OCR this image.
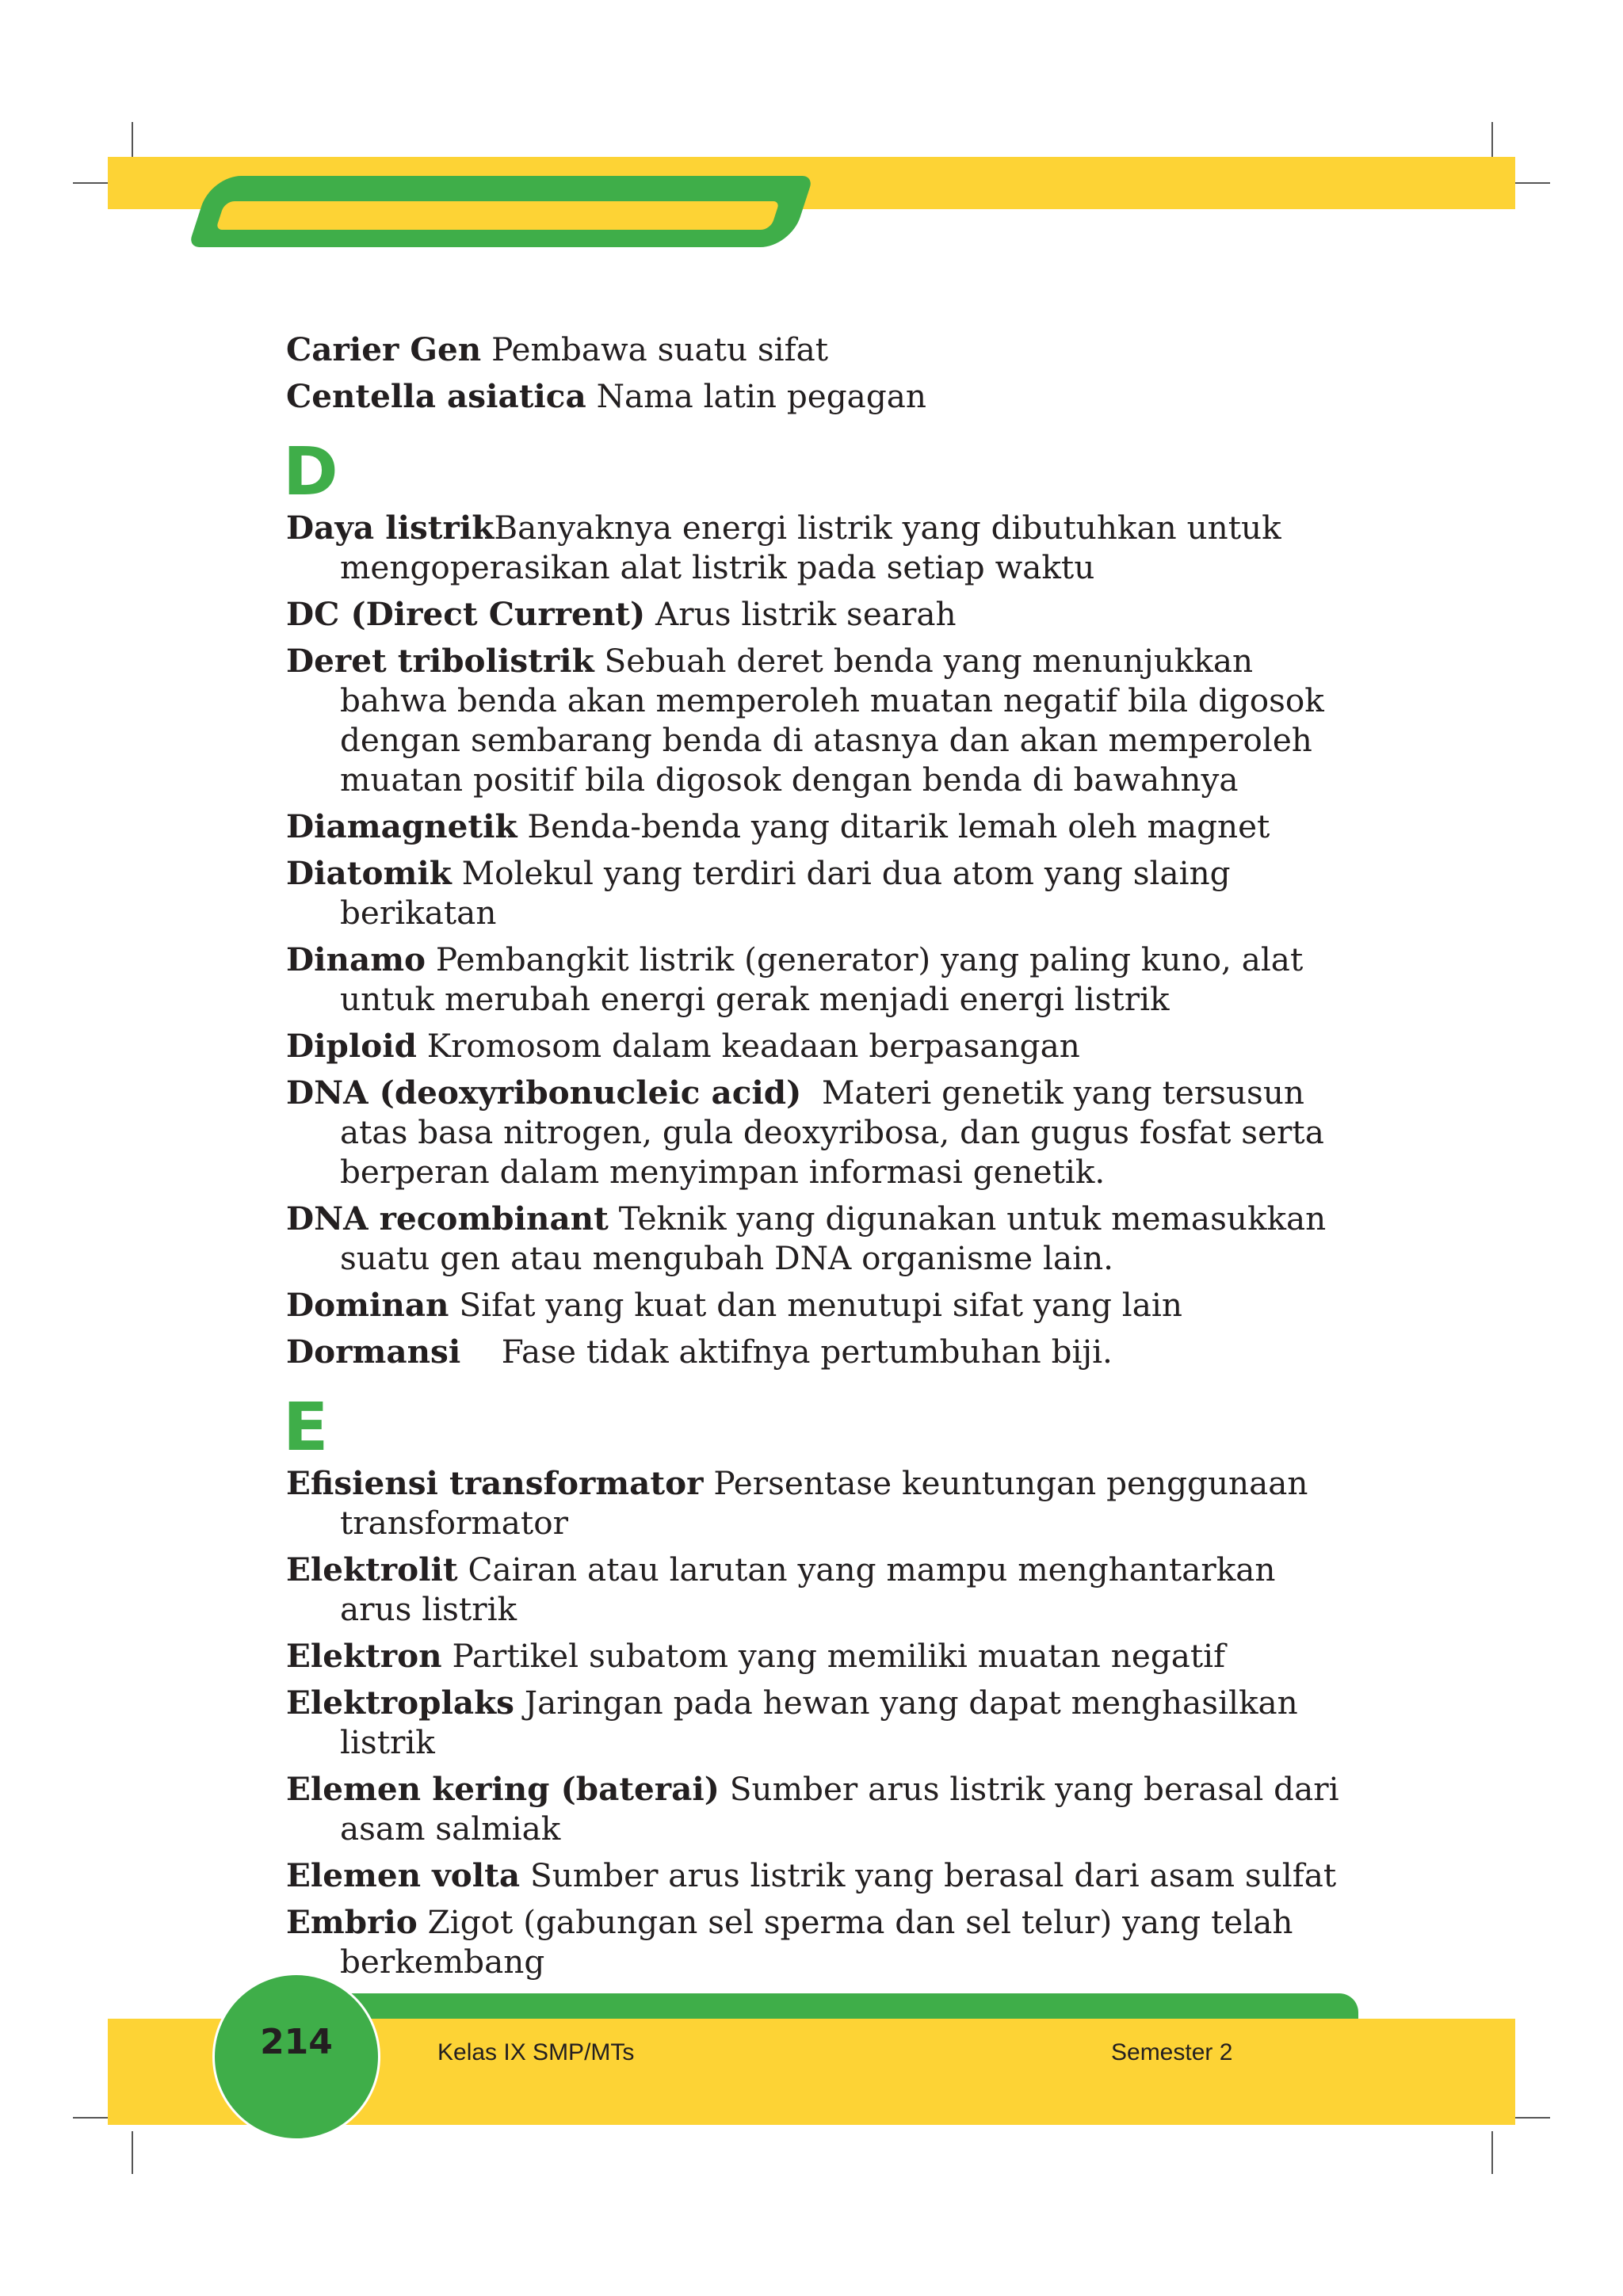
Carier Gen Pembawa suatu sifat
Centella asiatica Nama latin pegagan
D
Daya listrikBanyaknya energi listrik yang dibutuhkan untuk mengoperasikan alat listrik pada setiap waktu
DC (Direct Current) Arus listrik searah
Deret tribolistrik Sebuah deret benda yang menunjukkan bahwa benda akan memperoleh muatan negatif bila digosok dengan sembarang benda di atasnya dan akan memperoleh muatan positif bila digosok dengan benda di bawahnya
Diamagnetik Benda-benda yang ditarik lemah oleh magnet
Diatomik Molekul yang terdiri dari dua atom yang slaing berikatan
Dinamo Pembangkit listrik (generator) yang paling kuno, alat untuk merubah energi gerak menjadi energi listrik
Diploid Kromosom dalam keadaan berpasangan
DNA (deoxyribonucleic acid)  Materi genetik yang tersusun atas basa nitrogen, gula deoxyribosa, dan gugus fosfat serta berperan dalam menyimpan informasi genetik.
DNA recombinant Teknik yang digunakan untuk memasukkan suatu gen atau mengubah DNA organisme lain.
Dominan Sifat yang kuat dan menutupi sifat yang lain
Dormansi    Fase tidak aktifnya pertumbuhan biji.
E
Efisiensi transformator Persentase keuntungan penggunaan transformator
Elektrolit Cairan atau larutan yang mampu menghantarkan arus listrik
Elektron Partikel subatom yang memiliki muatan negatif
Elektroplaks Jaringan pada hewan yang dapat menghasilkan listrik
Elemen kering (baterai) Sumber arus listrik yang berasal dari asam salmiak
Elemen volta Sumber arus listrik yang berasal dari asam sulfat
Embrio Zigot (gabungan sel sperma dan sel telur) yang telah berkembang
214	Kelas IX SMP/MTs	Semester 2
